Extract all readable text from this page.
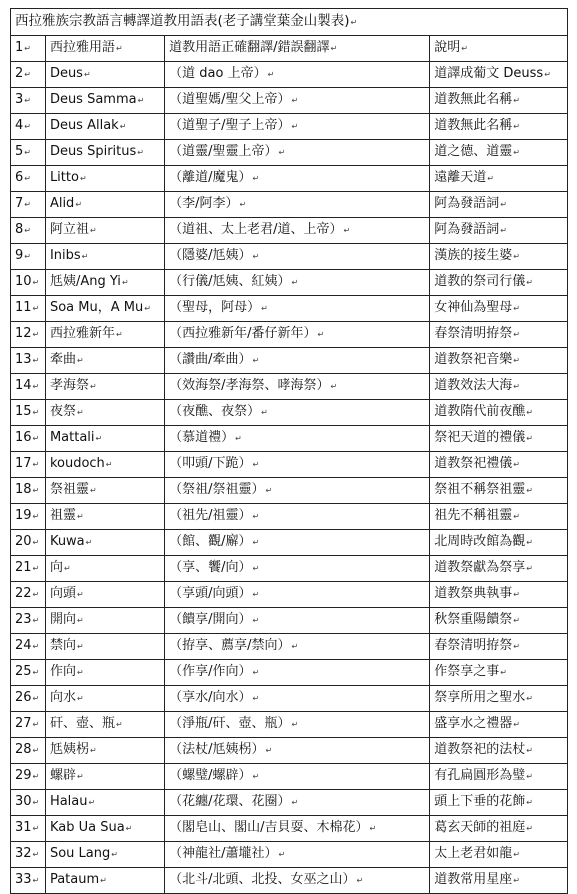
西拉雅族宗教語言轉譯道教用語表(老子講堂葉金山製表)↵			
1↵	西拉雅用語↵	道教用語正確翻譯/錯誤翻譯↵	說明↵
2↵	Deus↵	（道 dao 上帝）↵	道譯成葡文 Deuss↵
3↵	Deus Samma↵	（道聖媽/聖父上帝）↵	道教無此名稱↵
4↵	Deus Allak↵	（道聖子/聖子上帝）↵	道教無此名稱↵
5↵	Deus Spiritus↵	（道靈/聖靈上帝）↵	道之德、道靈↵
6↵	Litto↵	（離道/魔鬼）↵	遠離天道↵
7↵	Alid↵	（李/阿李）↵	阿為發語詞↵
8↵	阿立祖↵	（道祖、太上老君/道、上帝）↵	阿為發語詞↵
9↵	Inibs↵	（隱婆/尪姨）↵	漢族的接生婆↵
10↵	尪姨/Ang Yi↵	（行儀/尪姨、紅姨）↵	道教的祭司行儀↵
11↵	Soa Mu，A Mu↵	（聖母，阿母）↵	女神仙為聖母↵
12↵	西拉雅新年↵	（西拉雅新年/番仔新年）↵	春祭清明拵祭↵
13↵	牽曲↵	（讚曲/牽曲）↵	道教祭祀音樂↵
14↵	孝海祭↵	（效海祭/孝海祭、哮海祭）↵	道教效法大海↵
15↵	夜祭↵	（夜醮、夜祭）↵	道教隋代前夜醮↵
16↵	Mattali↵	（慕道禮）↵	祭祀天道的禮儀↵
17↵	koudoch↵	（叩頭/下跪）↵	道教祭祀禮儀↵
18↵	祭祖靈↵	（祭祖/祭祖靈）↵	祭祖不稱祭祖靈↵
19↵	祖靈↵	（祖先/祖靈）↵	祖先不稱祖靈↵
20↵	Kuwa↵	（館、觀/廨）↵	北周時改館為觀↵
21↵	向↵	（享、饗/向）↵	道教祭獻為祭享↵
22↵	向頭↵	（享頭/向頭）↵	道教祭典執事↵
23↵	開向↵	（饋享/開向）↵	秋祭重陽饋祭↵
24↵	禁向↵	（拵享、薦享/禁向）↵	春祭清明拵祭↵
25↵	作向↵	（作享/作向）↵	作祭享之事↵
26↵	向水↵	（享水/向水）↵	祭享所用之聖水↵
27↵	矸、壺、瓶↵	（淨瓶/矸、壺、瓶）↵	盛享水之禮器↵
28↵	尪姨柺↵	（法杖/尪姨柺）↵	道教祭祀的法杖↵
29↵	螺辟↵	（螺璧/螺辟）↵	有孔扁圓形為璧↵
30↵	Halau↵	（花纏/花環、花圈）↵	頭上下垂的花飾↵
31↵	Kab Ua Sua↵	（閣皂山、閣山/吉貝耍、木棉花）↵	葛玄天師的祖庭↵
32↵	Sou Lang↵	（神龍社/蕭壠社）↵	太上老君如龍↵
33↵	Pataum↵	（北斗/北頭、北投、女巫之山）↵	道教常用星座↵
